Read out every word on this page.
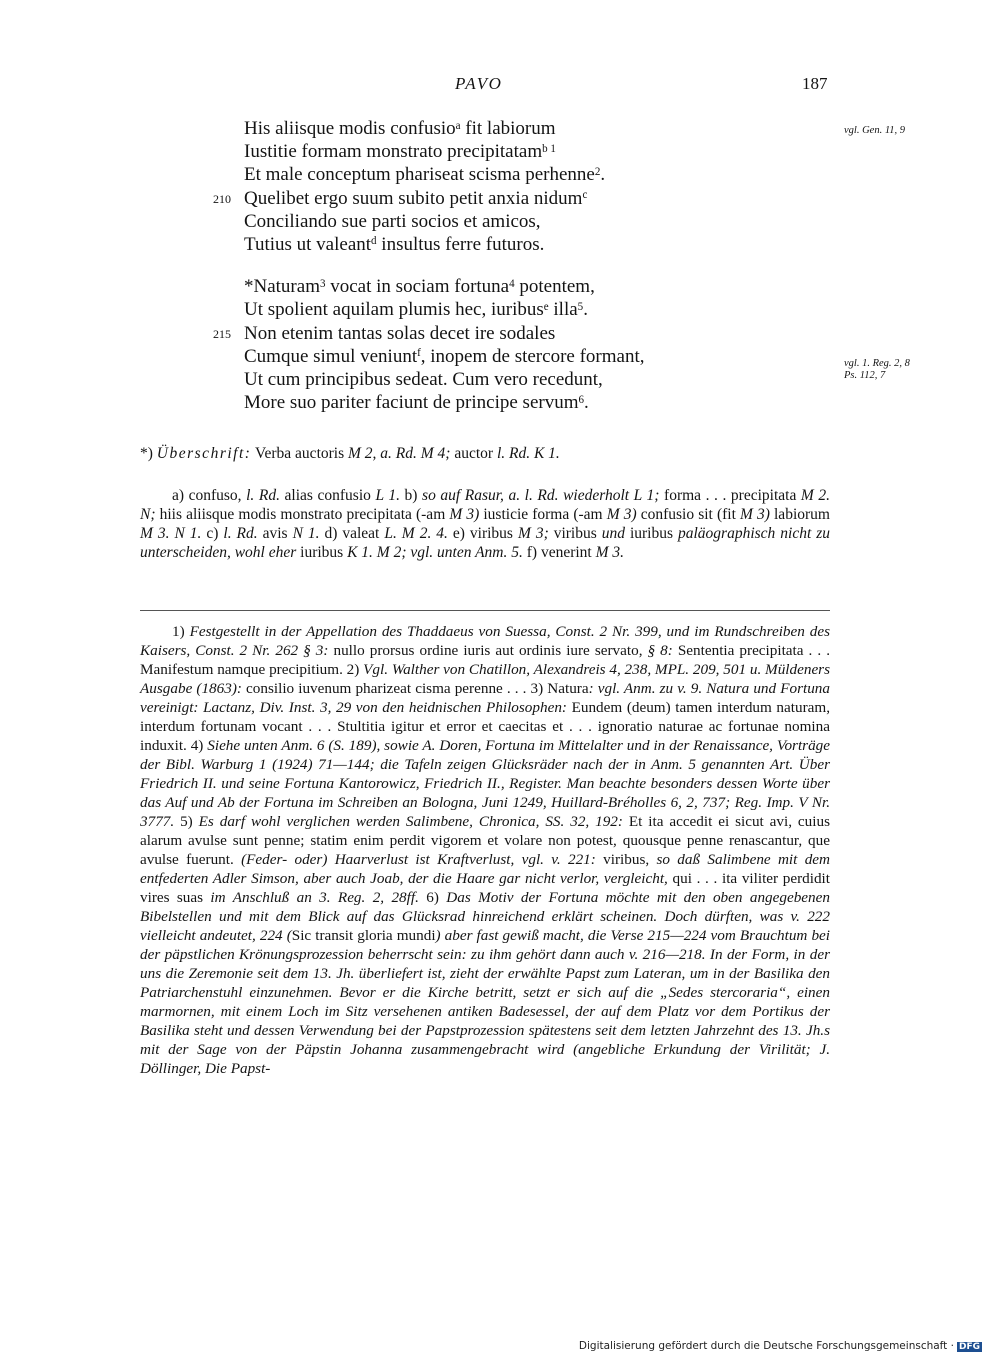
PAVO	187
His aliisque modis confusio$^a$ fit labiorum
Iustitie formam monstrato precipitatam$^{b 1}$
Et male conceptum phariseat scisma perhenne$^2$.
210 Quelibet ergo suum subito petit anxia nidum$^c$
Conciliando sue parti socios et amicos,
Tutius ut valeant$^d$ insultus ferre futuros.
*Naturam$^3$ vocat in sociam fortuna$^4$ potentem,
Ut spolient aquilam plumis hec, iuribus$^e$ illa$^5$.
215 Non etenim tantas solas decet ire sodales
Cumque simul veniunt$^f$, inopem de stercore formant,
Ut cum principibus sedeat. Cum vero recedunt,
More suo pariter faciunt de principe servum$^6$.
vgl. Gen. 11, 9
vgl. 1. Reg. 2, 8
Ps. 112, 7
*) Überschrift: Verba auctoris M 2, a. Rd. M 4; auctor l. Rd. K 1.

a) confuso, l. Rd. alias confusio L 1. b) so auf Rasur, a. l. Rd. wiederholt L 1; forma . . . precipitata M 2. N; hiis aliisque modis monstrato precipitata (-am M 3) iusticie forma (-am M 3) confusio sit (fit M 3) labiorum M 3. N 1. c) l. Rd. avis N 1. d) valeat L. M 2. 4. e) viribus M 3; viribus und iuribus paläographisch nicht zu unterscheiden, wohl eher iuribus K 1. M 2; vgl. unten Anm. 5. f) venerint M 3.

1) Festgestellt in der Appellation des Thaddaeus von Suessa, Const. 2 Nr. 399, und im Rundschreiben des Kaisers, Const. 2 Nr. 262 § 3: nullo prorsus ordine iuris aut ordinis iure servato, § 8: Sententia precipitata . . . Manifestum namque precipitium. 2) Vgl. Walther von Chatillon, Alexandreis 4, 238, MPL. 209, 501 u. Müldeners Ausgabe (1863): consilio iuvenum pharizeat cisma perenne . . . 3) Natura: vgl. Anm. zu v. 9. Natura und Fortuna vereinigt: Lactanz, Div. Inst. 3, 29 von den heidnischen Philosophen: Eundem (deum) tamen interdum naturam, interdum fortunam vocant . . . Stultitia igitur et error et caecitas et . . . ignoratio naturae ac fortunae nomina induxit. 4) Siehe unten Anm. 6 (S. 189), sowie A. Doren, Fortuna im Mittelalter und in der Renaissance, Vorträge der Bibl. Warburg 1 (1924) 71—144; die Tafeln zeigen Glücksräder nach der in Anm. 5 genannten Art. Über Friedrich II. und seine Fortuna Kantorowicz, Friedrich II., Register. Man beachte besonders dessen Worte über das Auf und Ab der Fortuna im Schreiben an Bologna, Juni 1249, Huillard-Bréholles 6, 2, 737; Reg. Imp. V Nr. 3777. 5) Es darf wohl verglichen werden Salimbene, Chronica, SS. 32, 192: Et ita accedit ei sicut avi, cuius alarum avulse sunt penne; statim enim perdit vigorem et volare non potest, quousque penne renascantur, que avulse fuerunt. (Feder- oder) Haarverlust ist Kraftverlust, vgl. v. 221: viribus, so daß Salimbene mit dem entfederten Adler Simson, aber auch Joab, der die Haare gar nicht verlor, vergleicht, qui . . . ita viliter perdidit vires suas im Anschluß an 3. Reg. 2, 28ff. 6) Das Motiv der Fortuna möchte mit den oben angegebenen Bibelstellen und mit dem Blick auf das Glücksrad hinreichend erklärt scheinen. Doch dürften, was v. 222 vielleicht andeutet, 224 (Sic transit gloria mundi) aber fast gewiß macht, die Verse 215—224 vom Brauchtum bei der päpstlichen Krönungsprozession beherrscht sein: zu ihm gehört dann auch v. 216—218. In der Form, in der uns die Zeremonie seit dem 13. Jh. überliefert ist, zieht der erwählte Papst zum Lateran, um in der Basilika den Patriarchenstuhl einzunehmen. Bevor er die Kirche betritt, setzt er sich auf die „Sedes stercoraria“, einen marmornen, mit einem Loch im Sitz versehenen antiken Badesessel, der auf dem Platz vor dem Portikus der Basilika steht und dessen Verwendung bei der Papstprozession spätestens seit dem letzten Jahrzehnt des 13. Jh.s mit der Sage von der Päpstin Johanna zusammengebracht wird (angebliche Erkundung der Virilität; J. Döllinger, Die Papst-

Digitalisierung gefördert durch die Deutsche Forschungsgemeinschaft · DFG
